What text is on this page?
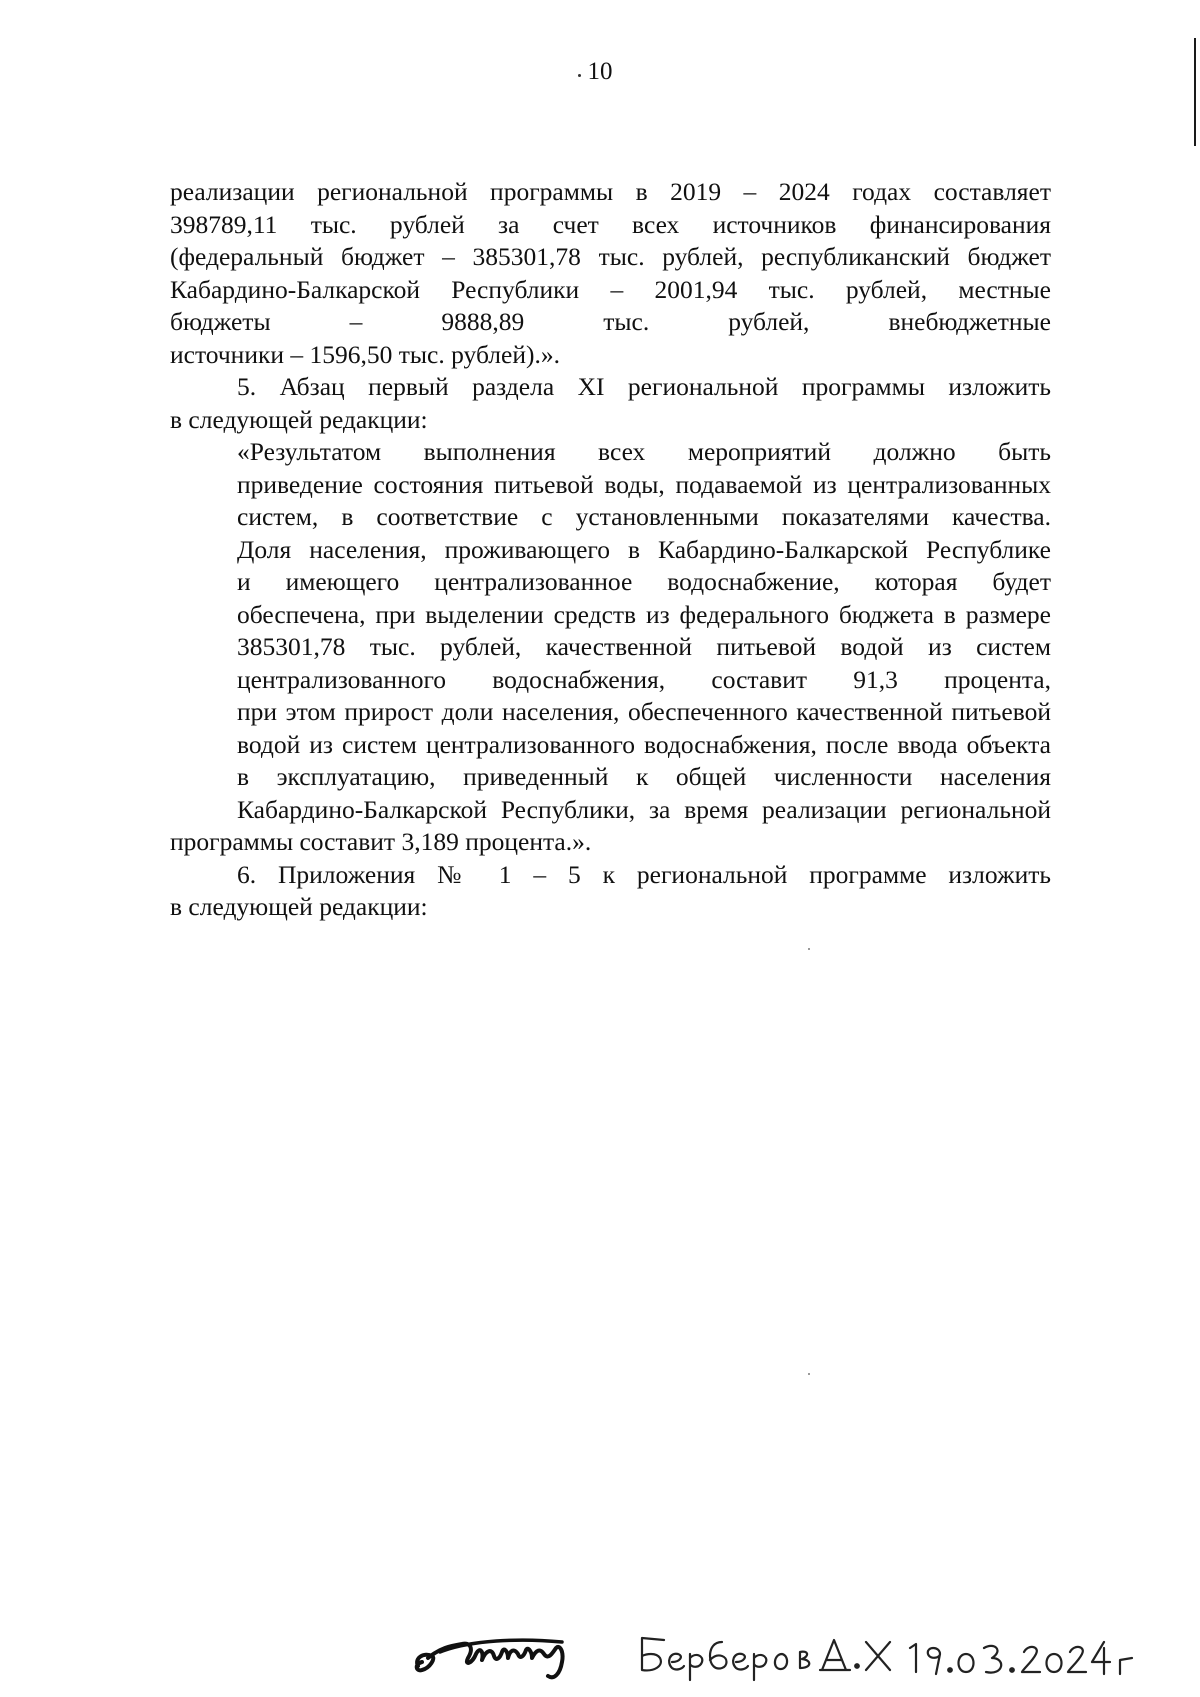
10

реализации региональной программы в 2019 – 2024 годах составляет
398789,11 тыс. рублей за счет всех источников финансирования
(федеральный бюджет – 385301,78 тыс. рублей, республиканский бюджет
Кабардино-Балкарской Республики – 2001,94 тыс. рублей, местные
бюджеты – 9888,89 тыс. рублей, внебюджетные
источники – 1596,50 тыс. рублей).».

5. Абзац первый раздела XI региональной программы изложить
в следующей редакции:

«Результатом выполнения всех мероприятий должно быть
приведение состояния питьевой воды, подаваемой из централизованных
систем, в соответствие с установленными показателями качества.
Доля населения, проживающего в Кабардино-Балкарской Республике
и имеющего централизованное водоснабжение, которая будет
обеспечена, при выделении средств из федерального бюджета в размере
385301,78 тыс. рублей, качественной питьевой водой из систем
централизованного водоснабжения, составит 91,3 процента,
при этом прирост доли населения, обеспеченного качественной питьевой
водой из систем централизованного водоснабжения, после ввода объекта
в эксплуатацию, приведенный к общей численности населения
Кабардино-Балкарской Республики, за время реализации региональной
программы составит 3,189 процента.».

6. Приложения № 1 – 5 к региональной программе изложить
в следующей редакции:
